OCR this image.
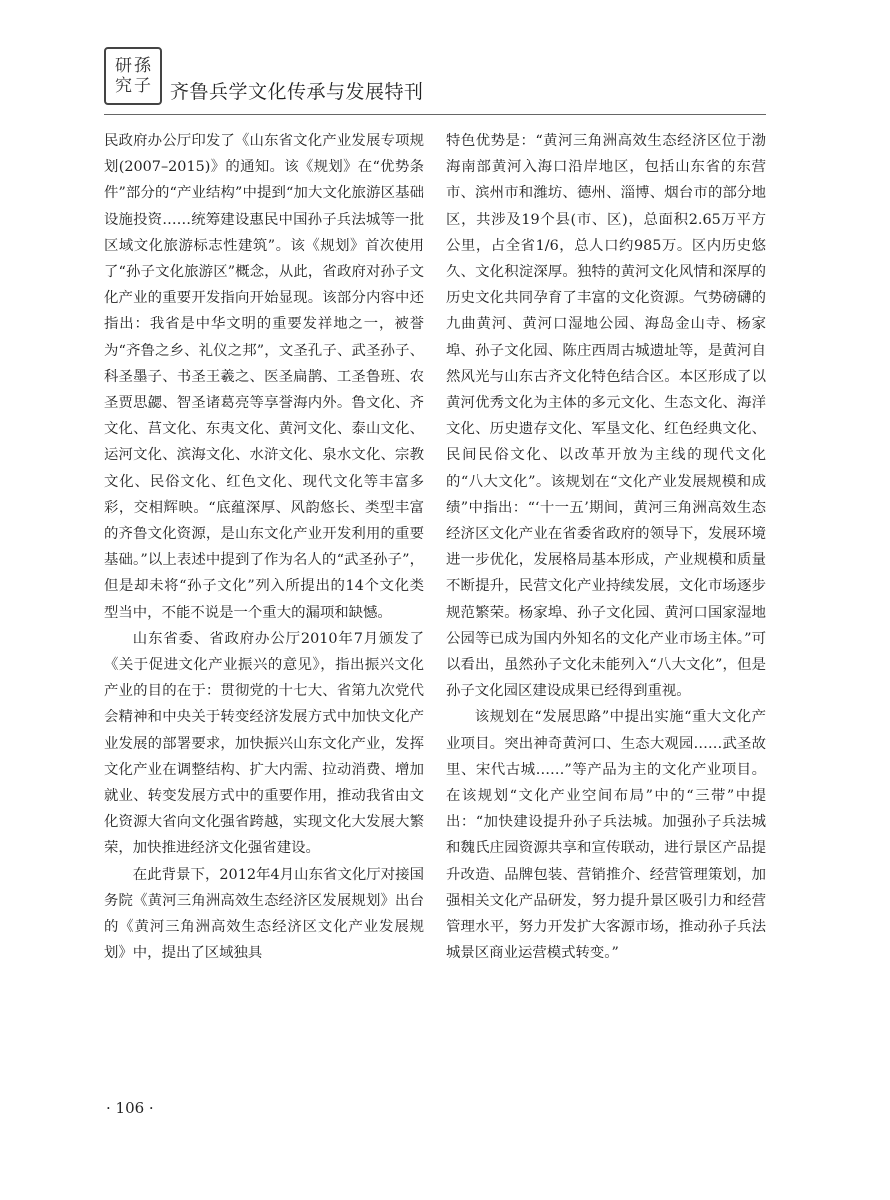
研 孫
究 子 齐鲁兵学文化传承与发展特刊

民政府办公厅印发了《山东省文化产业发展专项规划(2007–2015)》的通知。该《规划》在“优势条件”部分的“产业结构”中提到“加大文化旅游区基础设施投资……统筹建设惠民中国孙子兵法城等一批区域文化旅游标志性建筑”。该《规划》首次使用了“孙子文化旅游区”概念，从此，省政府对孙子文化产业的重要开发指向开始显现。该部分内容中还指出：我省是中华文明的重要发祥地之一，被誉为“齐鲁之乡、礼仪之邦”，文圣孔子、武圣孙子、科圣墨子、书圣王羲之、医圣扁鹊、工圣鲁班、农圣贾思勰、智圣诸葛亮等享誉海内外。鲁文化、齐文化、莒文化、东夷文化、黄河文化、泰山文化、运河文化、滨海文化、水浒文化、泉水文化、宗教文化、民俗文化、红色文化、现代文化等丰富多彩，交相辉映。“底蕴深厚、风韵悠长、类型丰富的齐鲁文化资源，是山东文化产业开发利用的重要基础。”以上表述中提到了作为名人的“武圣孙子”，但是却未将“孙子文化”列入所提出的14个文化类型当中，不能不说是一个重大的漏项和缺憾。

山东省委、省政府办公厅2010年7月颁发了《关于促进文化产业振兴的意见》，指出振兴文化产业的目的在于：贯彻党的十七大、省第九次党代会精神和中央关于转变经济发展方式中加快文化产业发展的部署要求，加快振兴山东文化产业，发挥文化产业在调整结构、扩大内需、拉动消费、增加就业、转变发展方式中的重要作用，推动我省由文化资源大省向文化强省跨越，实现文化大发展大繁荣，加快推进经济文化强省建设。

在此背景下，2012年4月山东省文化厅对接国务院《黄河三角洲高效生态经济区发展规划》出台的《黄河三角洲高效生态经济区文化产业发展规划》中，提出了区域独具

特色优势是：“黄河三角洲高效生态经济区位于渤海南部黄河入海口沿岸地区，包括山东省的东营市、滨州市和潍坊、德州、淄博、烟台市的部分地区，共涉及19个县(市、区)，总面积2.65万平方公里，占全省1/6，总人口约985万。区内历史悠久、文化积淀深厚。独特的黄河文化风情和深厚的历史文化共同孕育了丰富的文化资源。气势磅礴的九曲黄河、黄河口湿地公园、海岛金山寺、杨家埠、孙子文化园、陈庄西周古城遗址等，是黄河自然风光与山东古齐文化特色结合区。本区形成了以黄河优秀文化为主体的多元文化、生态文化、海洋文化、历史遗存文化、军垦文化、红色经典文化、民间民俗文化、以改革开放为主线的现代文化的“八大文化”。该规划在“文化产业发展规模和成绩”中指出：“‘十一五’期间，黄河三角洲高效生态经济区文化产业在省委省政府的领导下，发展环境进一步优化，发展格局基本形成，产业规模和质量不断提升，民营文化产业持续发展，文化市场逐步规范繁荣。杨家埠、孙子文化园、黄河口国家湿地公园等已成为国内外知名的文化产业市场主体。”可以看出，虽然孙子文化未能列入“八大文化”，但是孙子文化园区建设成果已经得到重视。

该规划在“发展思路”中提出实施“重大文化产业项目。突出神奇黄河口、生态大观园……武圣故里、宋代古城……”等产品为主的文化产业项目。在该规划“文化产业空间布局”中的“三带”中提出：“加快建设提升孙子兵法城。加强孙子兵法城和魏氏庄园资源共享和宣传联动，进行景区产品提升改造、品牌包装、营销推介、经营管理策划，加强相关文化产品研发，努力提升景区吸引力和经营管理水平，努力开发扩大客源市场，推动孙子兵法城景区商业运营模式转变。”

· 106 ·
